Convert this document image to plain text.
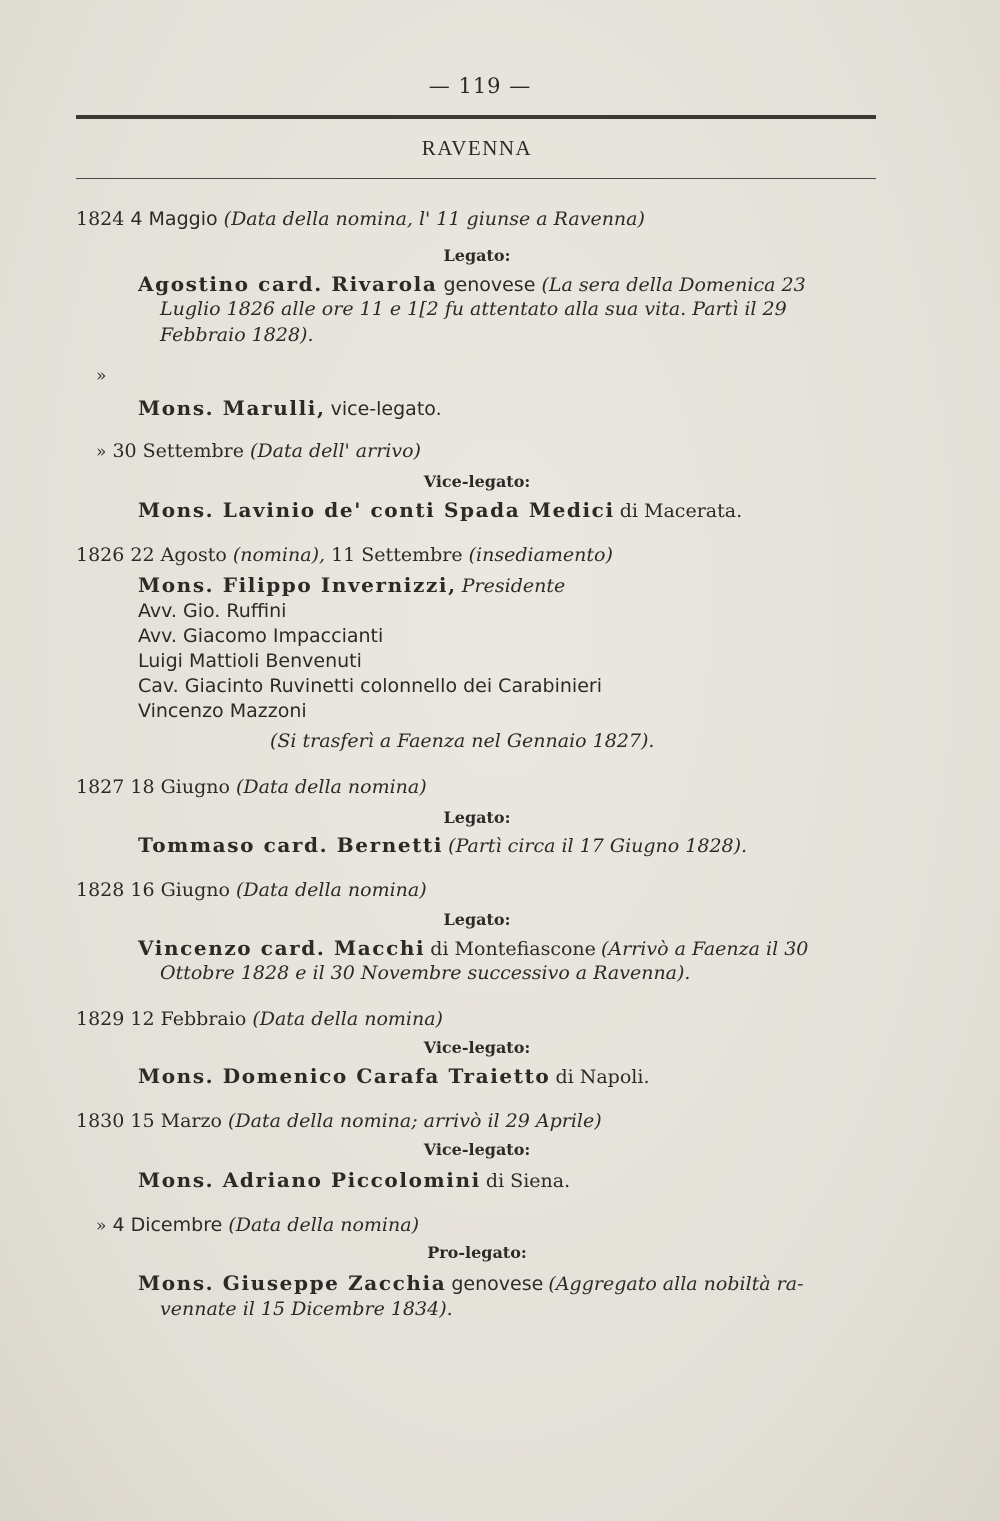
— 119 —
RAVENNA
1824 4 Maggio (Data della nomina, l' 11 giunse a Ravenna)
Legato:
Agostino card. Rivarola genovese (La sera della Domenica 23
Luglio 1826 alle ore 11 e 1[2 fu attentato alla sua vita. Partì il 29
Febbraio 1828).
»
Mons. Marulli, vice-legato.
» 30 Settembre (Data dell' arrivo)
Vice-legato:
Mons. Lavinio de' conti Spada Medici di Macerata.
1826 22 Agosto (nomina), 11 Settembre (insediamento)
Mons. Filippo Invernizzi, Presidente
Avv. Gio. Ruffini
Avv. Giacomo Impaccianti
Luigi Mattioli Benvenuti
Cav. Giacinto Ruvinetti colonnello dei Carabinieri
Vincenzo Mazzoni
(Si trasferì a Faenza nel Gennaio 1827).
1827 18 Giugno (Data della nomina)
Legato:
Tommaso card. Bernetti (Partì circa il 17 Giugno 1828).
1828 16 Giugno (Data della nomina)
Legato:
Vincenzo card. Macchi di Montefiascone (Arrivò a Faenza il 30
Ottobre 1828 e il 30 Novembre successivo a Ravenna).
1829 12 Febbraio (Data della nomina)
Vice-legato:
Mons. Domenico Carafa Traietto di Napoli.
1830 15 Marzo (Data della nomina; arrivò il 29 Aprile)
Vice-legato:
Mons. Adriano Piccolomini di Siena.
» 4 Dicembre (Data della nomina)
Pro-legato:
Mons. Giuseppe Zacchia genovese (Aggregato alla nobiltà ra-
vennate il 15 Dicembre 1834).
